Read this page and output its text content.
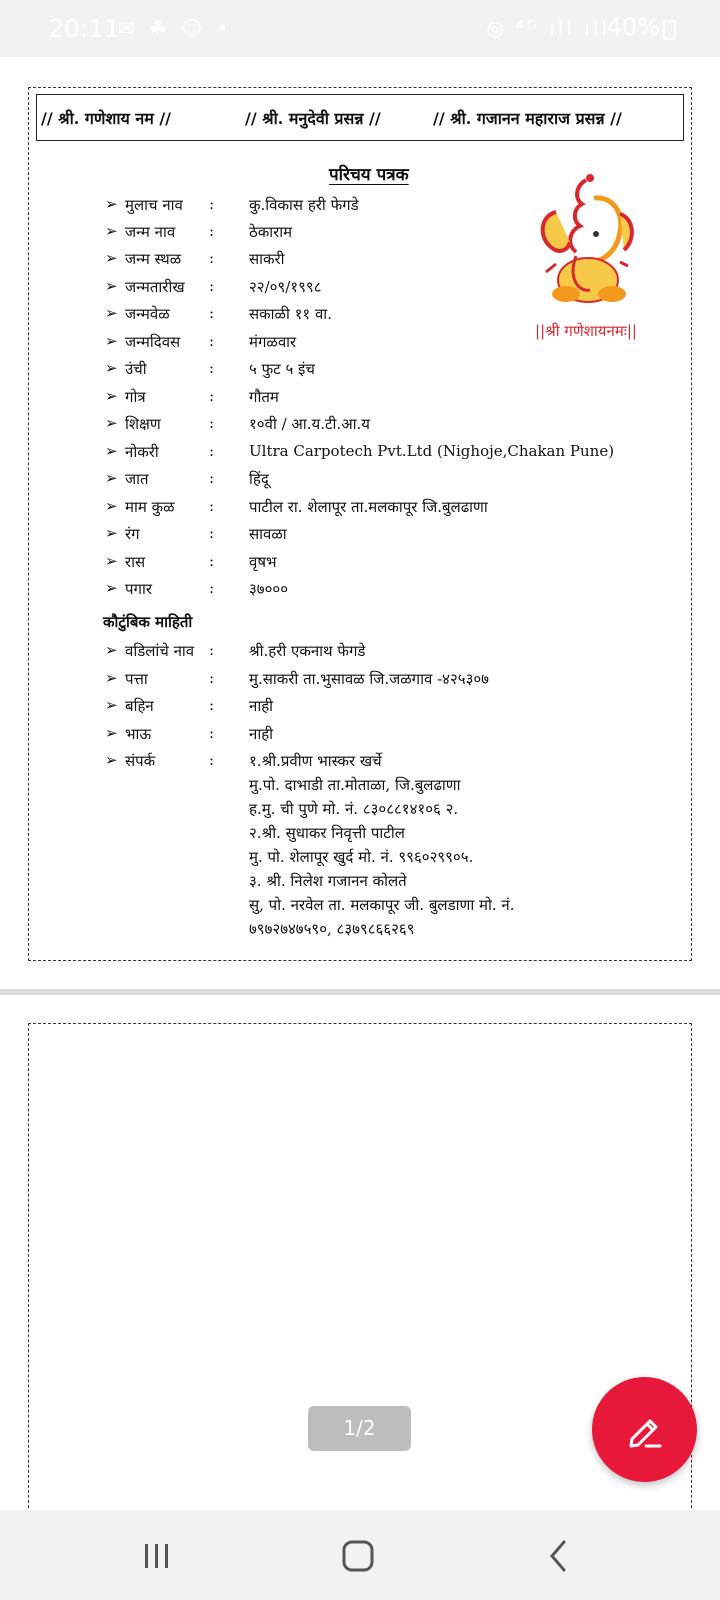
20:11
✉ ☘ ☺ •	◎ ⁴ᴳ ıll ıll
40%
// श्री. गणेशाय नम //	// श्री. मनुदेवी प्रसन्न //	// श्री. गजानन महाराज प्रसन्न //
परिचय पत्रक
||श्री गणेशायनमः||
➢ मुलाच नाव : कु.विकास हरी फेगडे
➢ जन्म नाव : ठेकाराम
➢ जन्म स्थळ : साकरी
➢ जन्मतारीख : २२/०९/१९९८
➢ जन्मवेळ	: सकाळी ११ वा.
➢ जन्मदिवस : मंगळवार
➢ उंची	: ५ फुट ५ इंच
➢ गोत्र	: गौतम
➢ शिक्षण	: १०वी / आ.य.टी.आ.य
➢ नोकरी	: Ultra Carpotech Pvt.Ltd (Nighoje,Chakan Pune)
➢ जात	: हिंदू
➢ माम कुळ : पाटील रा. शेलापूर ता.मलकापूर जि.बुलढाणा
➢ रंग	: सावळा
➢ रास	: वृषभ
➢ पगार	: ३७०००
कौटुंबिक माहिती
➢ वडिलांचे नाव : श्री.हरी एकनाथ फेगडे
➢ पत्ता	: मु.साकरी ता.भुसावळ जि.जळगाव -४२५३०७
➢ बहिन	: नाही
➢ भाऊ	: नाही
➢ संपर्क	: १.श्री.प्रवीण भास्कर खर्चे
मु.पो. दाभाडी ता.मोताळा, जि.बुलढाणा
ह.मु. ची पुणे मो. नं. ८३०८८१४१०६ २.
२.श्री. सुधाकर निवृत्ती पाटील
मु. पो. शेलापूर खुर्द मो. नं. ९९६०२९९०५.
३. श्री. निलेश गजानन कोलते
सु, पो. नरवेल ता. मलकापूर जी. बुलडाणा मो. नं.
७९७२७४७५९०, ८३७९८६६२६९
1/2
